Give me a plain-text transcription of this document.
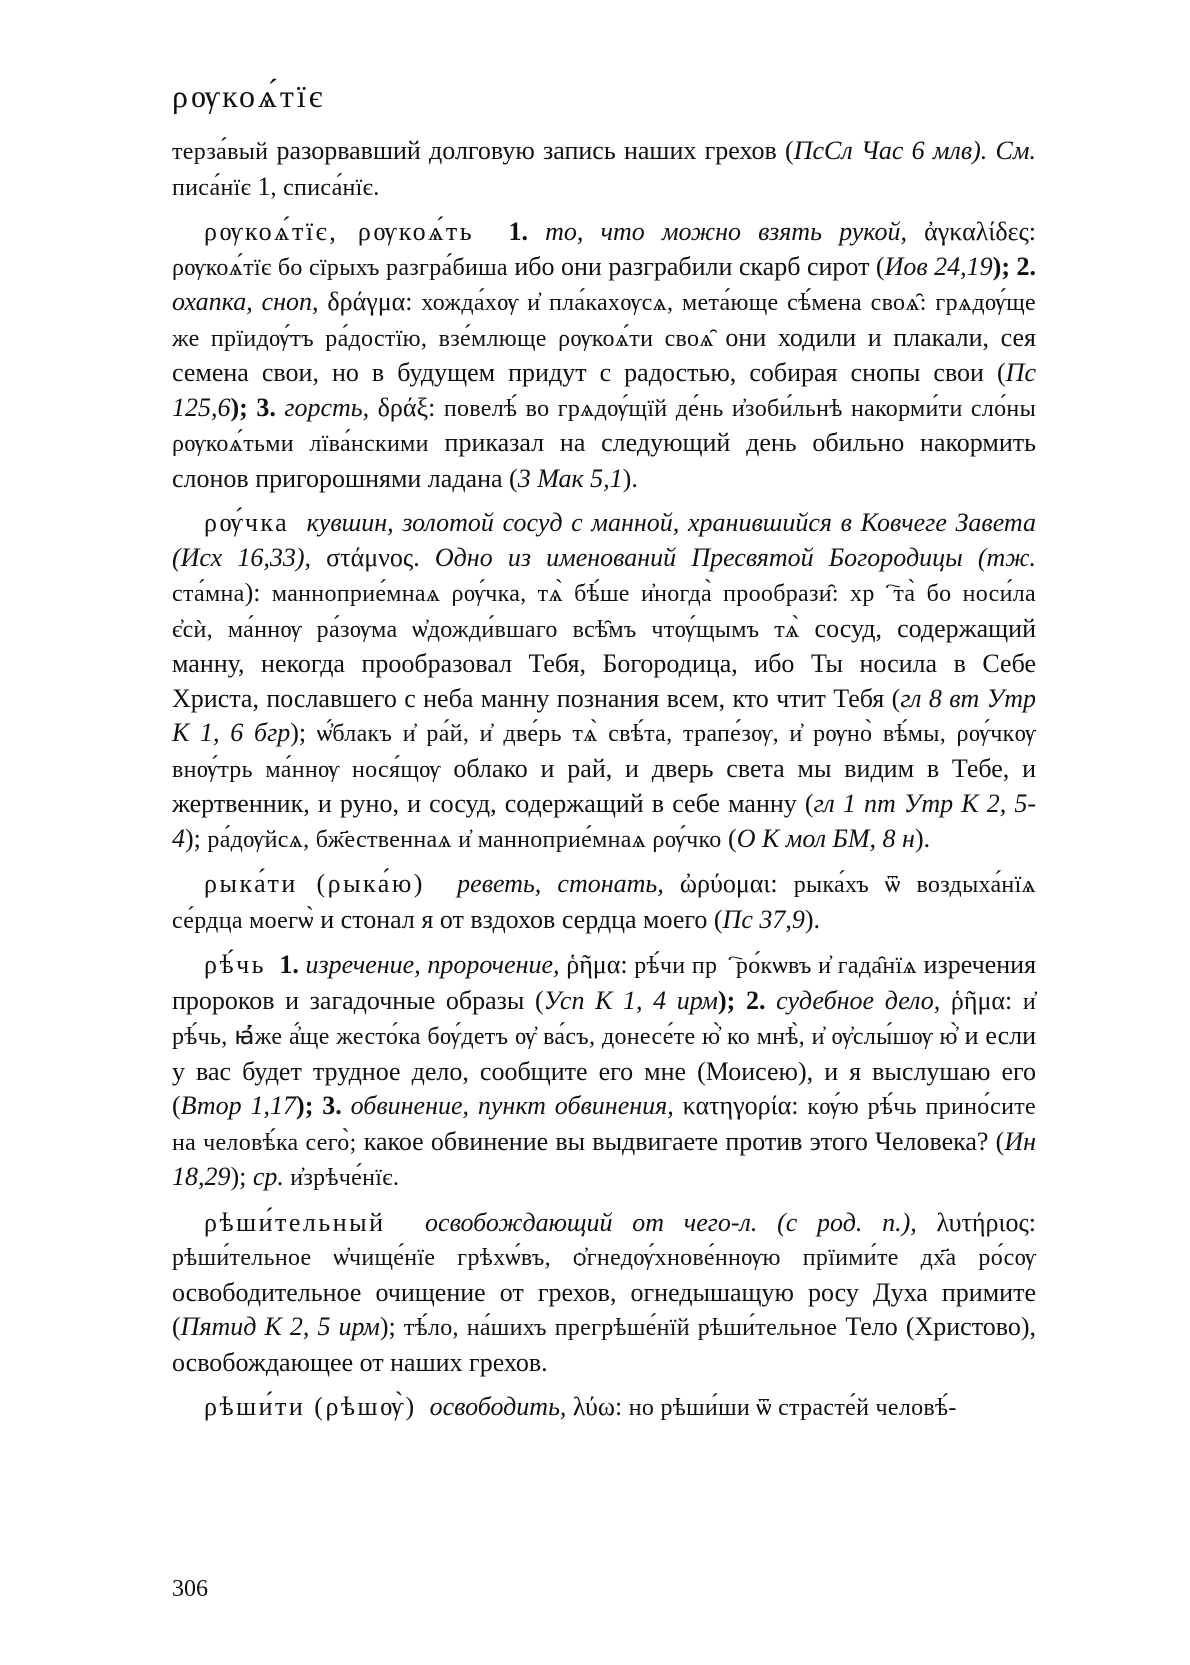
ρѹкоѧ́тїє

терза́вый разорвавший долговую запись наших грехов (ПсСл Час 6 млв). См. писа́нїє 1, списа́нїє.

ρѹкоѧ́тїє, ρѹкоѧ́ть 1. то, что можно взять рукой, ἀγκαλίδες: ρѹкоѧ́тїє бо сїрыхъ разгра́биша ибо они разграбили скарб сирот (Иов 24,19); 2. охапка, сноп, δράγμα: хожда́хѹ и҆ пла́кахѹсѧ, мета́юще сѣ́мена своѧ̑: грѧдѹ́ще же прїидѹ́тъ ра́достїю, взе́млюще ρѹкоѧ́ти своѧ̑ они ходили и плакали, сея семена свои, но в будущем придут с радостью, собирая снопы свои (Пс 125,6); 3. горсть, δράξ: повелѣ́ во грѧдѹ́щїй де́нь и҆зоби́льнѣ накорми́ти сло́ны ρѹкоѧ́тьми лїва́нскими приказал на следующий день обильно накормить слонов пригорошнями ладана (3 Мак 5,1).

ρѹ́чка кувшин, золотой сосуд с манной, хранившийся в Ковчеге Завета (Исх 16,33), στάμνος. Одно из именований Пресвятой Богородицы (тж. ста́мна): манноприе́мнаѧ ρѹ́чка, тѧ̀ бѣ́ше и҆ногда̀ прообрази̑: хрⷭ҇та̀ бо носи́ла є҆сѝ, ма́ннѹ ра́зѹма ѡ҆дожди́вшаго всѣ̑мъ чтѹ́щымъ тѧ̀ сосуд, содержащий манну, некогда прообразовал Тебя, Богородица, ибо Ты носила в Себе Христа, пославшего с неба манну познания всем, кто чтит Тебя (гл 8 вт Утр К 1, 6 бгр); ѡ҆́блакъ и҆ ра́й, и҆ две́рь тѧ̀ свѣ́та, трапе́зѹ, и҆ рѹно̀ вѣ́мы, ρѹ́чкѹ внѹ́трь ма́ннѹ нося́щѹ облако и рай, и дверь света мы видим в Тебе, и жертвенник, и руно, и сосуд, содержащий в себе манну (гл 1 пт Утр К 2, 5-4); ра́дѹйсѧ, бж҃ественнаѧ и҆ манноприе́мнаѧ ρѹ́чко (О К мол БМ, 8 н).

ρыка́ти (ρыка́ю) реветь, стонать, ὠρύομαι: рыка́хъ ѿ воздыха́нїѧ се́рдца моегѡ̀ и стонал я от вздохов сердца моего (Пс 37,9).

ρѣ́чь 1. изречение, пророчение, ῥῆμα: рѣ́чи прⷪ҇ро́кѡвъ и҆ гада̑нїѧ изречения пророков и загадочные образы (Усп К 1, 4 ирм); 2. судебное дело, ῥῆμα: и҆ рѣ́чь, ꙗ҆́же а҆́ще жесто́ка бѹ́детъ ѹ҆ ва́съ, донесе́те ю҆̀ ко мнѣ̀, и҆ ѹ҆слы́шѹ ю҆̀ и если у вас будет трудное дело, сообщите его мне (Моисею), и я выслушаю его (Втор 1,17); 3. обвинение, пункт обвинения, κατηγορία: кѹ́ю рѣ́чь прино́сите на человѣ́ка сего̀; какое обвинение вы выдвигаете против этого Человека? (Ин 18,29); ср. и҆зрѣче́нїє.

ρѣши́тельный освобождающий от чего-л. (с род. п.), λυτήριος: рѣши́тельное ѡ҆чище́нїе грѣхѡ́въ, ѻ҆гнедѹ́хнове́ннѹю прїими́те дх҃а ро́сѹ освободительное очищение от грехов, огнедышащую росу Духа примите (Пятид К 2, 5 ирм); тѣ́ло, на́шихъ прегрѣше́нїй рѣши́тельное Тело (Христово), освобождающее от наших грехов.

ρѣши́ти (ρѣшѹ̀) освободить, λύω: но рѣши́ши ѿ страсте́й человѣ́-

306
